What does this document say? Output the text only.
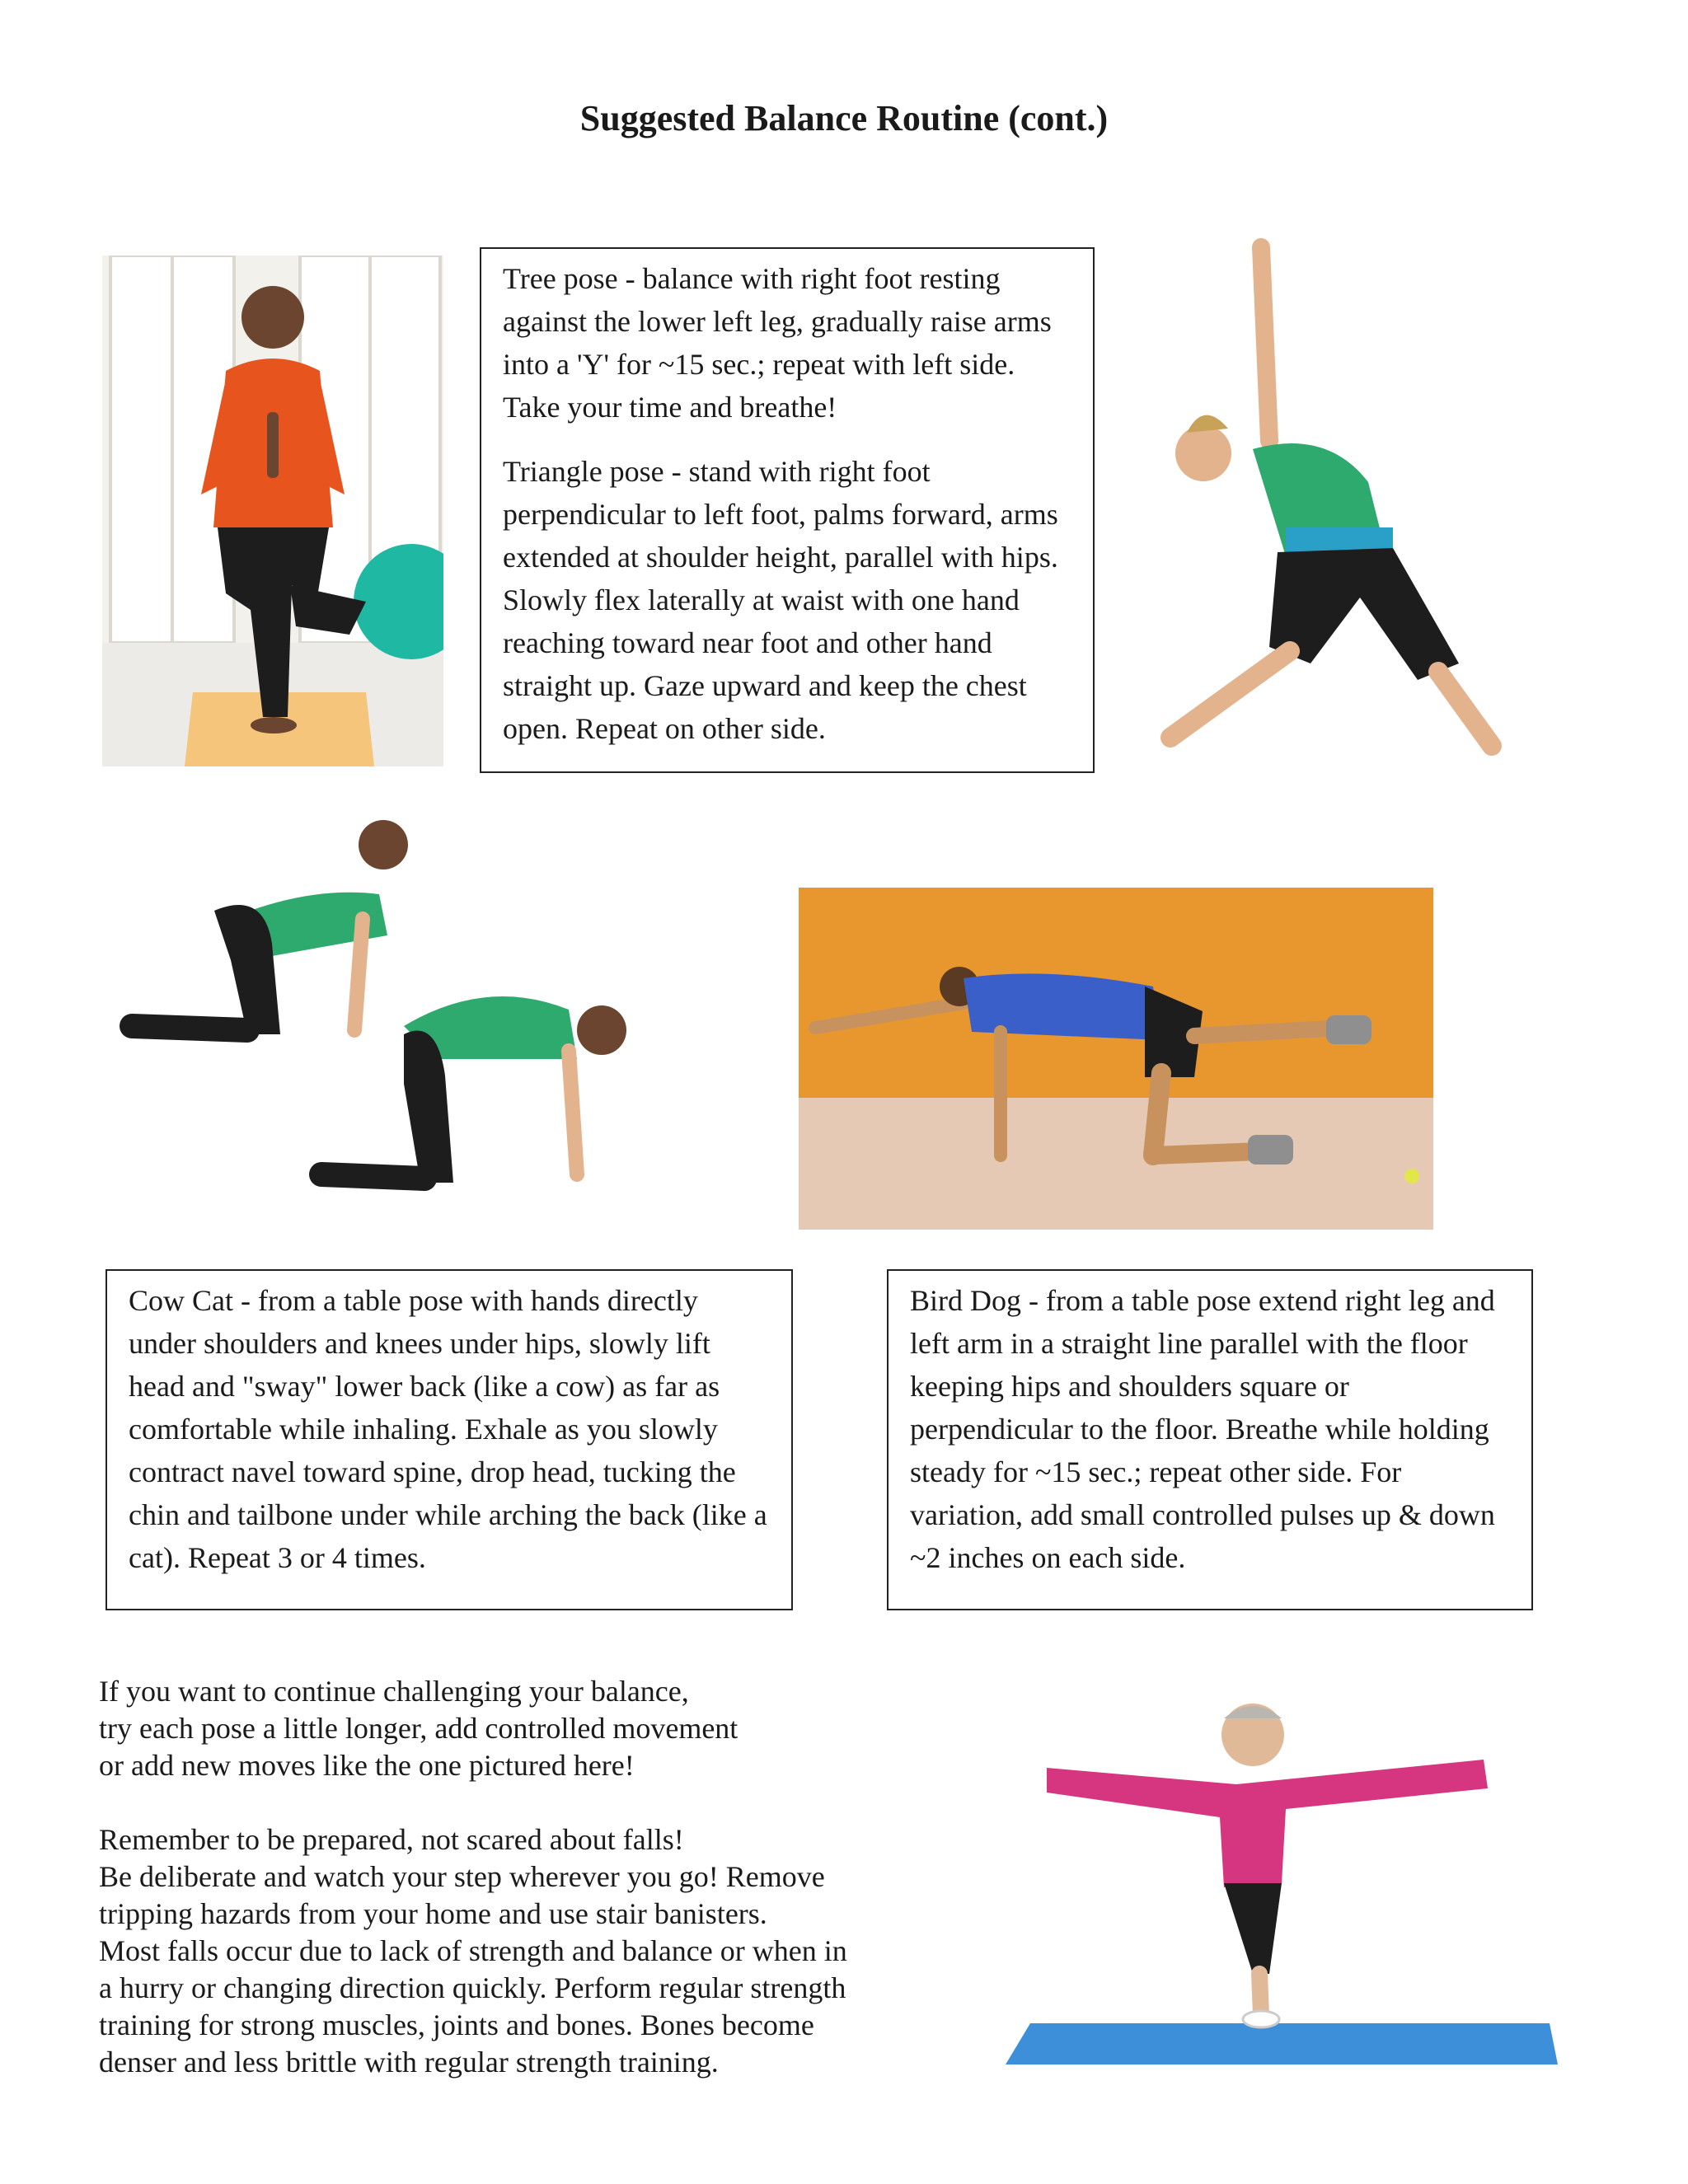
Suggested Balance Routine (cont.)

Tree pose - balance with right foot resting against the lower left leg, gradually raise arms into a 'Y' for ~15 sec.; repeat with left side. Take your time and breathe!

Triangle pose - stand with right foot perpendicular to left foot, palms forward, arms extended at shoulder height, parallel with hips. Slowly flex laterally at waist with one hand reaching toward near foot and other hand straight up. Gaze upward and keep the chest open. Repeat on other side.

Cow Cat - from a table pose with hands directly under shoulders and knees under hips, slowly lift head and "sway" lower back (like a cow) as far as comfortable while inhaling. Exhale as you slowly contract navel toward spine, drop head, tucking the chin and tailbone under while arching the back (like a cat). Repeat 3 or 4 times.

Bird Dog - from a table pose extend right leg and left arm in a straight line parallel with the floor keeping hips and shoulders square or perpendicular to the floor. Breathe while holding steady for ~15 sec.; repeat other side. For variation, add small controlled pulses up & down ~2 inches on each side.

If you want to continue challenging your balance,
try each pose a little longer, add controlled movement
or add new moves like the one pictured here!

Remember to be prepared, not scared about falls!
Be deliberate and watch your step wherever you go! Remove
tripping hazards from your home and use stair banisters.
Most falls occur due to lack of strength and balance or when in
a hurry or changing direction quickly. Perform regular strength
training for strong muscles, joints and bones. Bones become
denser and less brittle with regular strength training.
